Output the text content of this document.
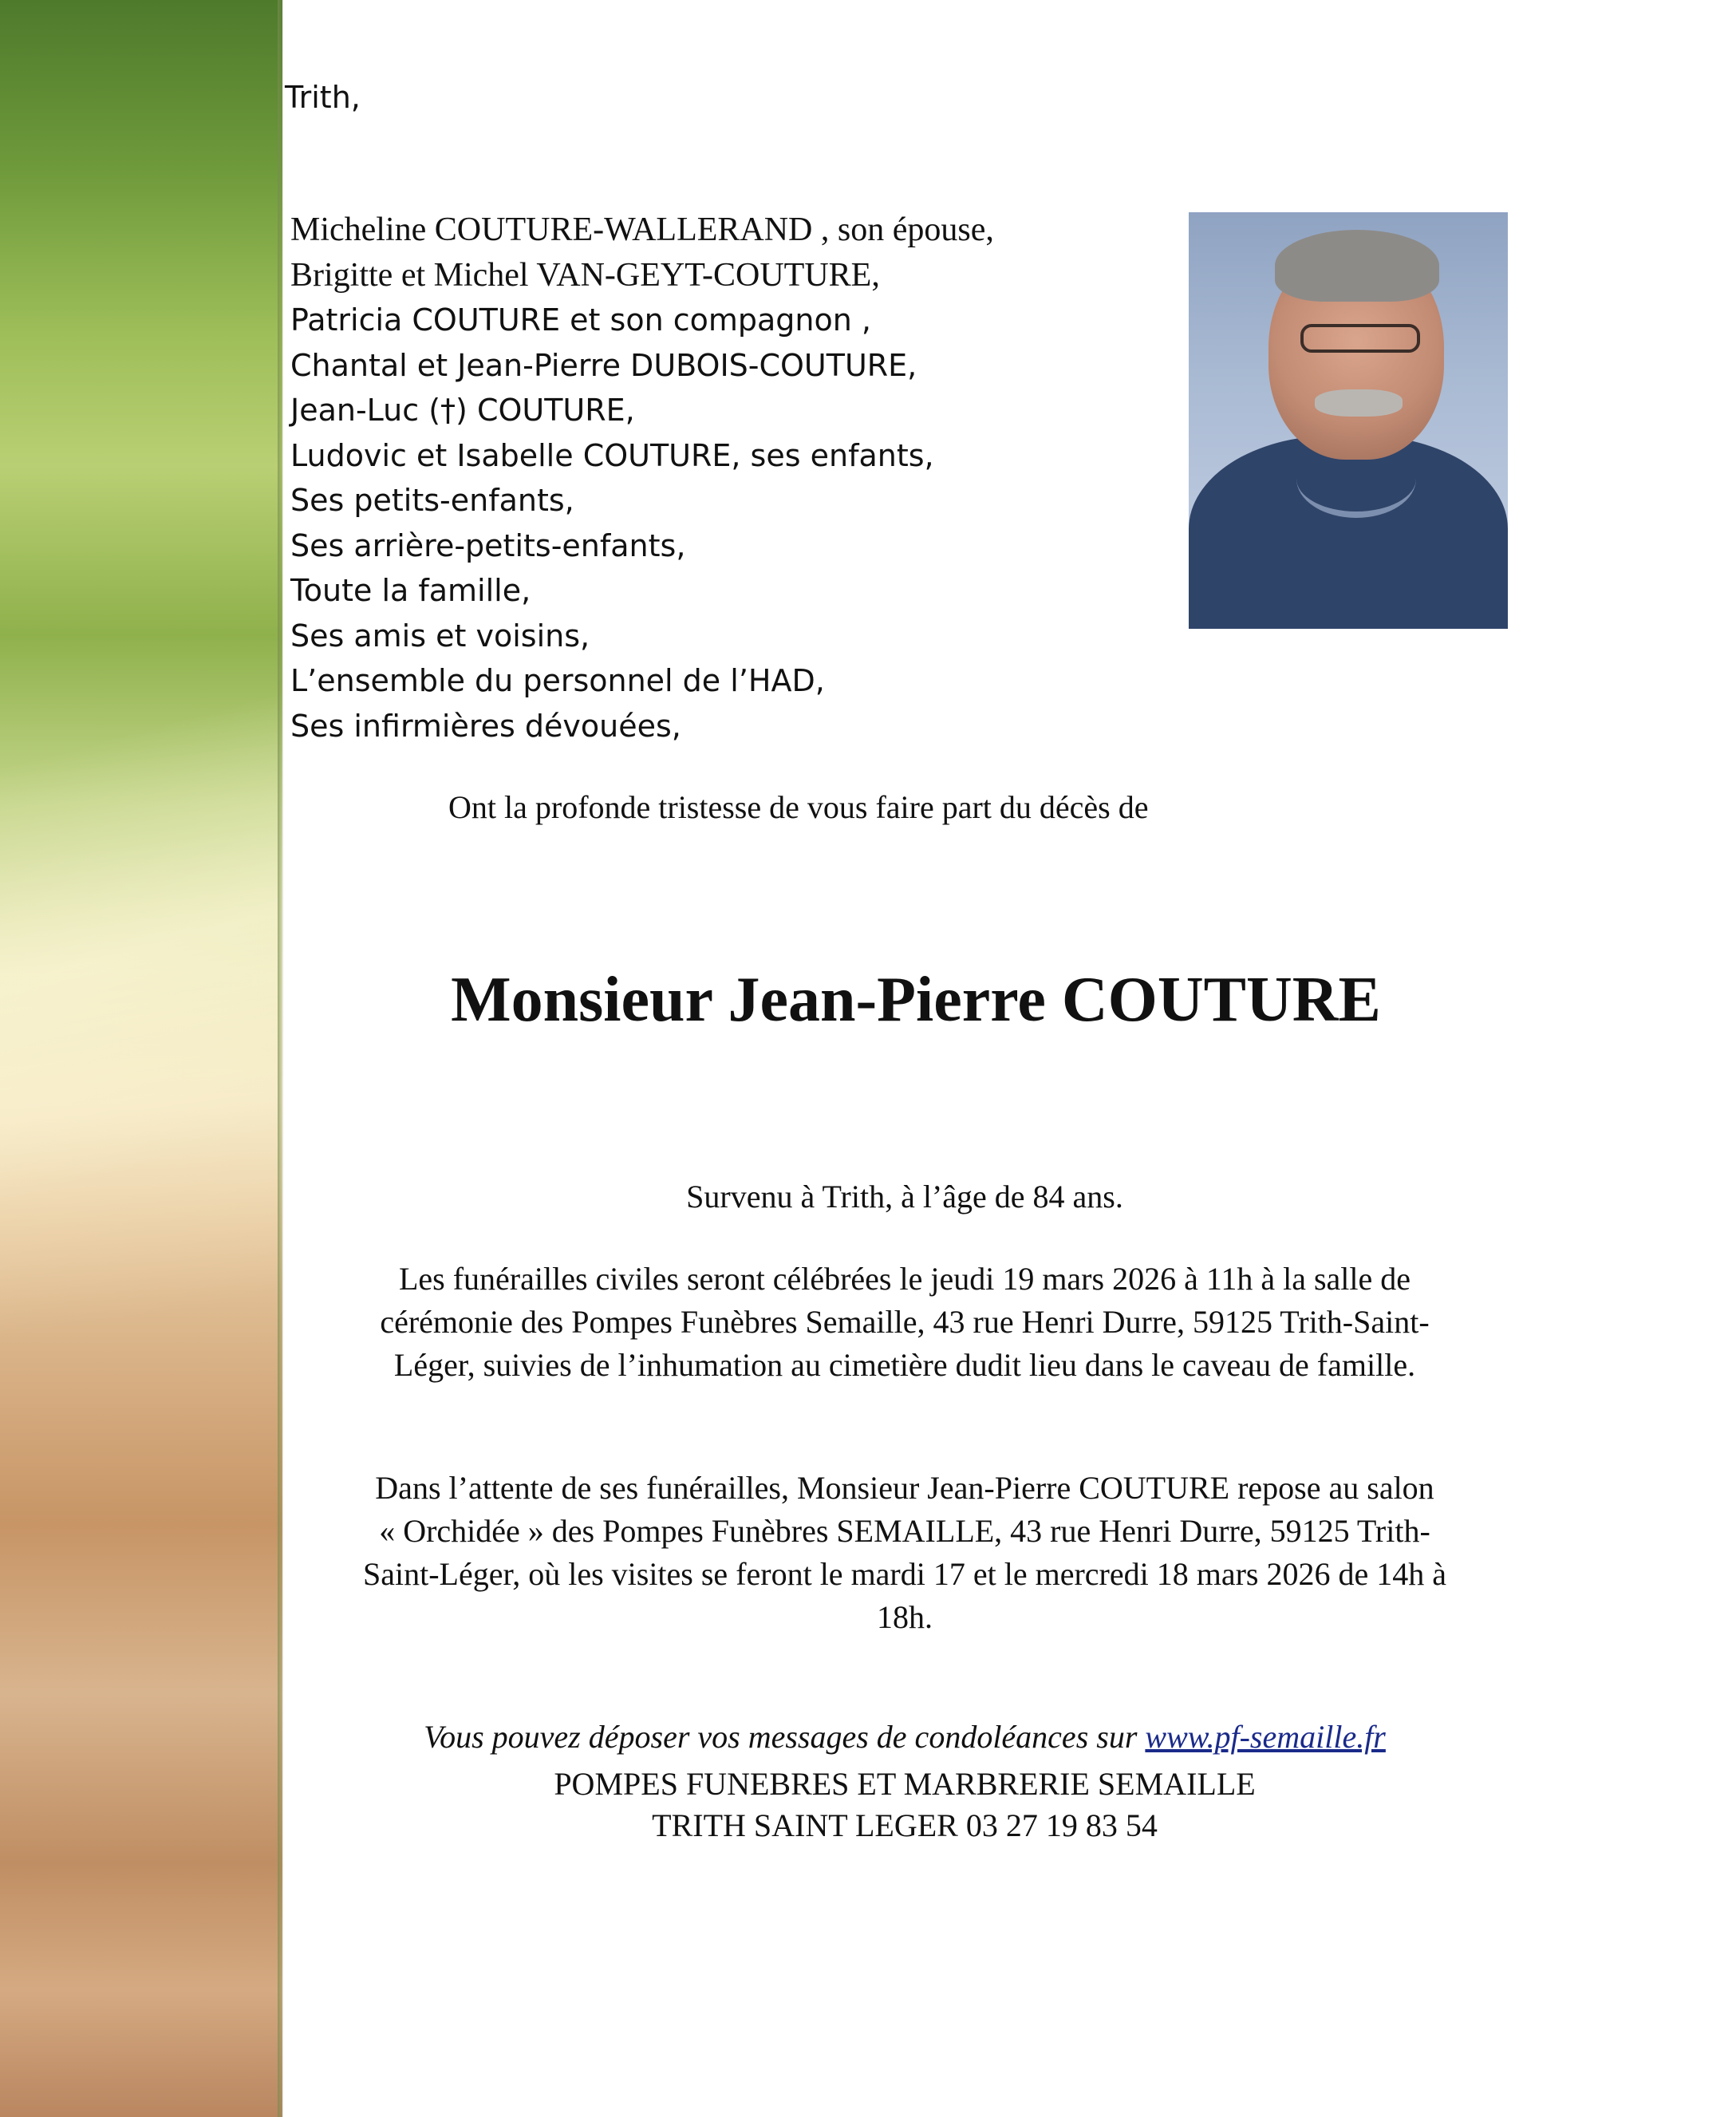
Trith,
Micheline COUTURE-WALLERAND , son épouse,
Brigitte et Michel VAN-GEYT-COUTURE,
Patricia COUTURE et son compagnon ,
Chantal et Jean-Pierre DUBOIS-COUTURE,
Jean-Luc (†) COUTURE,
Ludovic et Isabelle COUTURE, ses enfants,
Ses petits-enfants,
Ses arrière-petits-enfants,
Toute la famille,
Ses amis et voisins,
L’ensemble du personnel de l’HAD,
Ses infirmières dévouées,
Ont la profonde tristesse de vous faire part du décès de
Monsieur Jean-Pierre COUTURE
Survenu à Trith, à l’âge de 84 ans.
Les funérailles civiles seront célébrées le jeudi 19 mars 2026 à 11h à la salle de
cérémonie des Pompes Funèbres Semaille, 43 rue Henri Durre, 59125 Trith-Saint-
Léger, suivies de l’inhumation au cimetière dudit lieu dans le caveau de famille.
Dans l’attente de ses funérailles, Monsieur Jean-Pierre COUTURE repose au salon
« Orchidée » des Pompes Funèbres SEMAILLE, 43 rue Henri Durre, 59125 Trith-
Saint-Léger, où les visites se feront le mardi 17 et le mercredi 18 mars 2026 de 14h à
18h.
Vous pouvez déposer vos messages de condoléances sur www.pf-semaille.fr
POMPES FUNEBRES ET MARBRERIE SEMAILLE
TRITH SAINT LEGER 03 27 19 83 54
